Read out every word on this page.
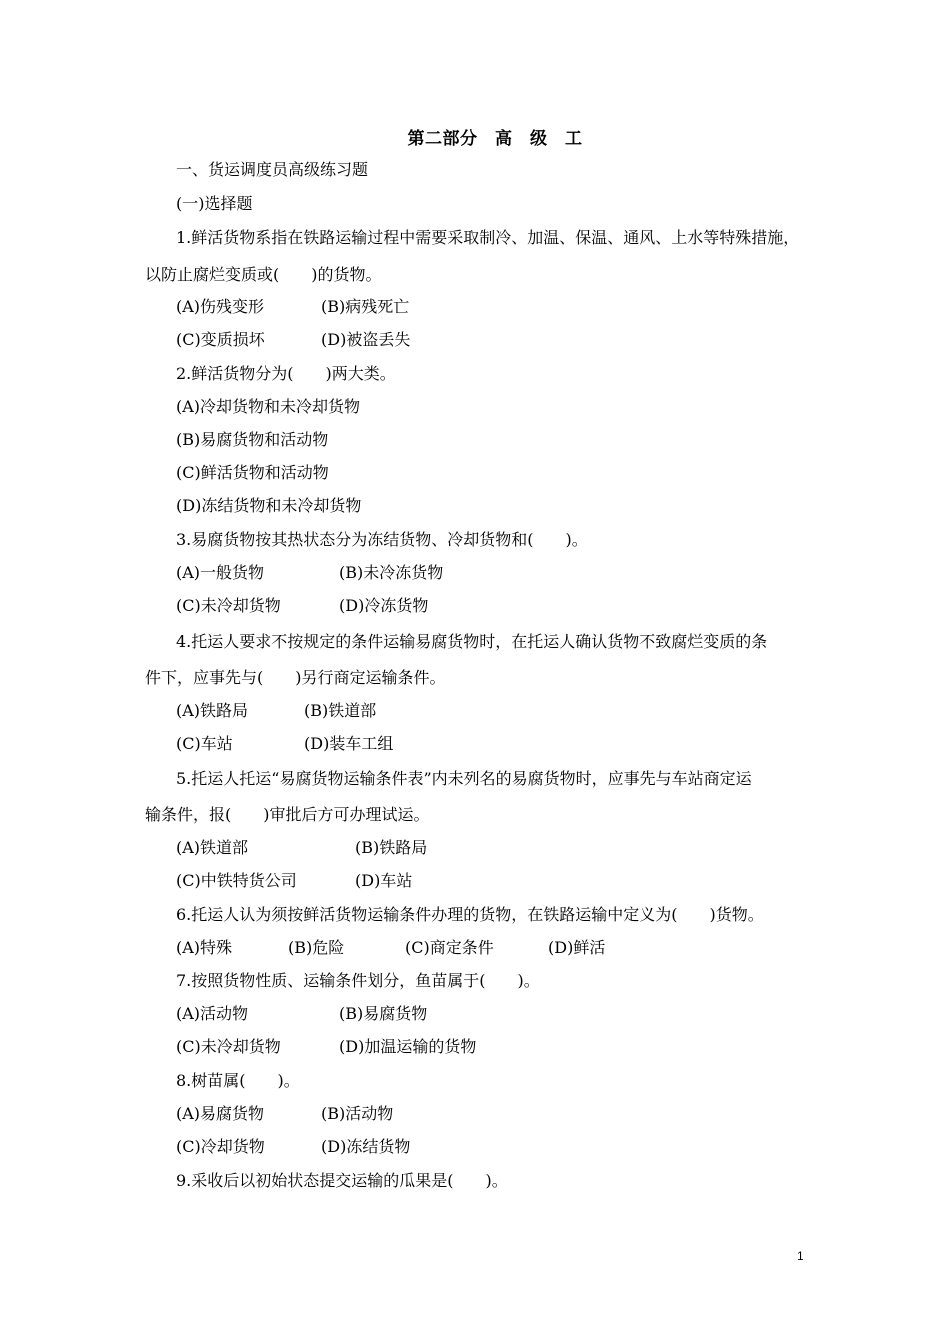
第二部分　高　级　工
一、货运调度员高级练习题
(一)选择题
1.鲜活货物系指在铁路运输过程中需要采取制冷、加温、保温、通风、上水等特殊措施，
以防止腐烂变质或(　　)的货物。
(A)伤残变形	(B)病残死亡
(C)变质损坏	(D)被盗丢失
2.鲜活货物分为(　　)两大类。
(A)冷却货物和未冷却货物
(B)易腐货物和活动物
(C)鲜活货物和活动物
(D)冻结货物和未冷却货物
3.易腐货物按其热状态分为冻结货物、冷却货物和(　　)。
(A)一般货物	(B)未冷冻货物
(C)未冷却货物	(D)冷冻货物
4.托运人要求不按规定的条件运输易腐货物时，在托运人确认货物不致腐烂变质的条
件下，应事先与(　　)另行商定运输条件。
(A)铁路局	(B)铁道部
(C)车站	(D)装车工组
5.托运人托运“易腐货物运输条件表”内未列名的易腐货物时，应事先与车站商定运
输条件，报(　　)审批后方可办理试运。
(A)铁道部	(B)铁路局
(C)中铁特货公司	(D)车站
6.托运人认为须按鲜活货物运输条件办理的货物，在铁路运输中定义为(　　)货物。
(A)特殊	(B)危险	(C)商定条件	(D)鲜活
7.按照货物性质、运输条件划分，鱼苗属于(　　)。
(A)活动物	(B)易腐货物
(C)未冷却货物	(D)加温运输的货物
8.树苗属(　　)。
(A)易腐货物	(B)活动物
(C)冷却货物	(D)冻结货物
9.采收后以初始状态提交运输的瓜果是(　　)。
1
